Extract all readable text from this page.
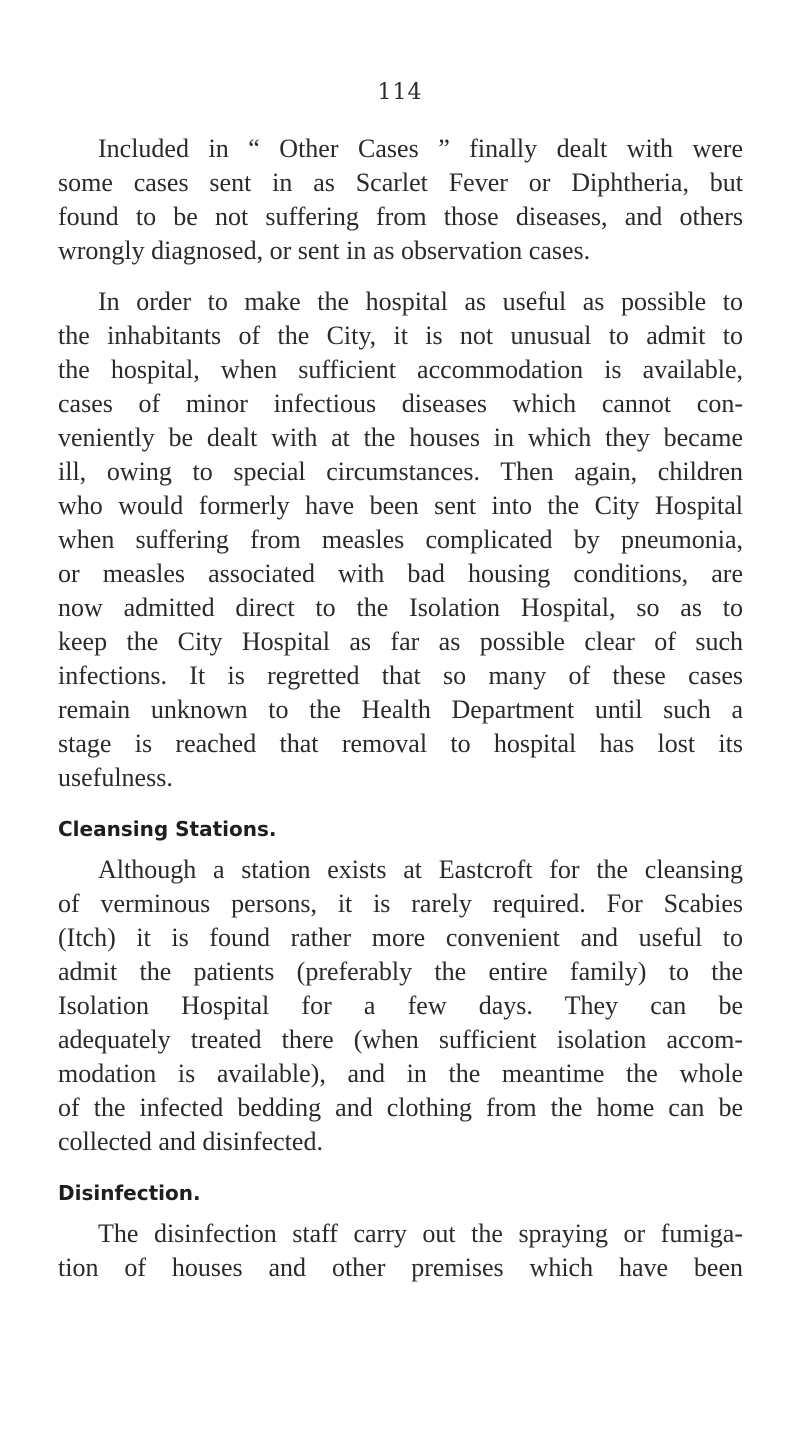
114

Included in “ Other Cases ” finally dealt with were

some cases sent in as Scarlet Fever or Diphtheria, but

found to be not suffering from those diseases, and others

wrongly diagnosed, or sent in as observation cases.

In order to make the hospital as useful as possible to

the inhabitants of the City, it is not unusual to admit to

the hospital, when sufficient accommodation is available,

cases of minor infectious diseases which cannot con-

veniently be dealt with at the houses in which they became

ill, owing to special circumstances. Then again, children

who would formerly have been sent into the City Hospital

when suffering from measles complicated by pneumonia,

or measles associated with bad housing conditions, are

now admitted direct to the Isolation Hospital, so as to

keep the City Hospital as far as possible clear of such

infections. It is regretted that so many of these cases

remain unknown to the Health Department until such a

stage is reached that removal to hospital has lost its

usefulness.

Cleansing Stations.

Although a station exists at Eastcroft for the cleansing

of verminous persons, it is rarely required. For Scabies

(Itch) it is found rather more convenient and useful to

admit the patients (preferably the entire family) to the

Isolation Hospital for a few days. They can be

adequately treated there (when sufficient isolation accom-

modation is available), and in the meantime the whole

of the infected bedding and clothing from the home can be

collected and disinfected.

Disinfection.

The disinfection staff carry out the spraying or fumiga-

tion of houses and other premises which have been
